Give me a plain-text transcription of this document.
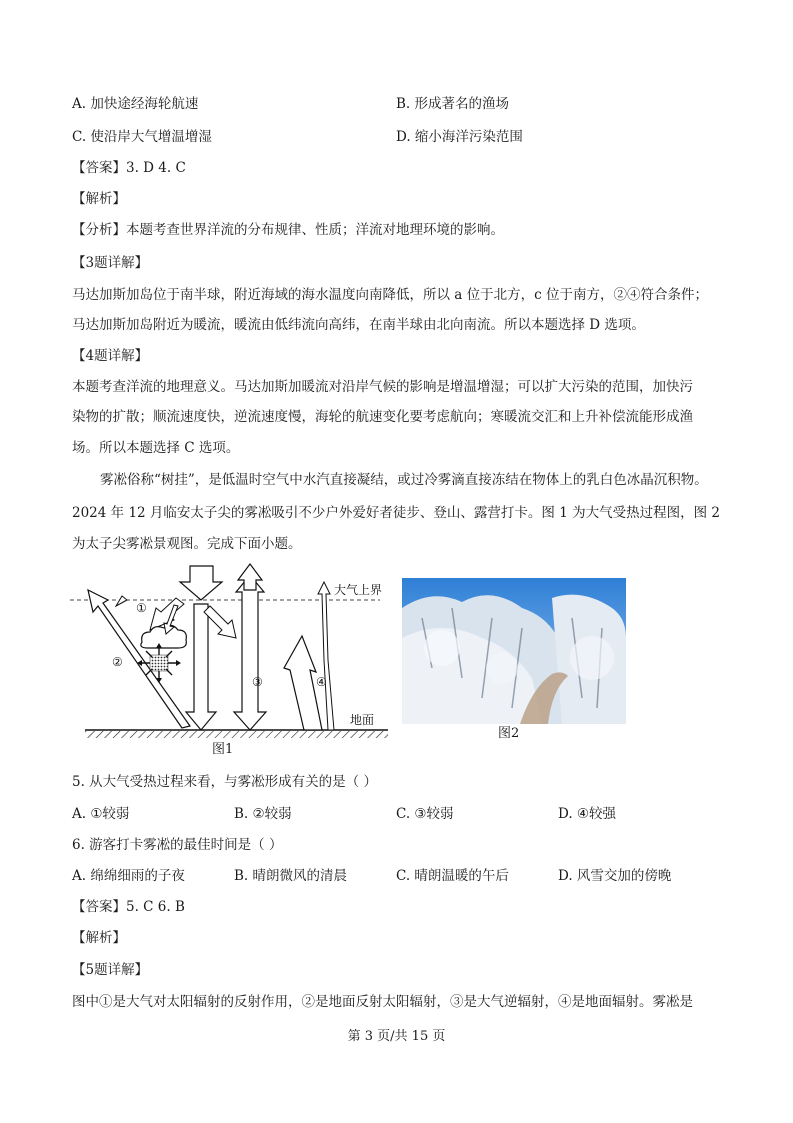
A. 加快途经海轮航速	B. 形成著名的渔场
C. 使沿岸大气增温增湿	D. 缩小海洋污染范围
【答案】3. D 4. C
【解析】
【分析】本题考查世界洋流的分布规律、性质；洋流对地理环境的影响。
【3题详解】
马达加斯加岛位于南半球，附近海域的海水温度向南降低，所以 a 位于北方，c 位于南方，②④符合条件；
马达加斯加岛附近为暖流，暖流由低纬流向高纬，在南半球由北向南流。所以本题选择 D 选项。
【4题详解】
本题考查洋流的地理意义。马达加斯加暖流对沿岸气候的影响是增温增湿；可以扩大污染的范围，加快污
染物的扩散；顺流速度快，逆流速度慢，海轮的航速变化要考虑航向；寒暖流交汇和上升补偿流能形成渔
场。所以本题选择 C 选项。
雾凇俗称“树挂”，是低温时空气中水汽直接凝结，或过冷雾滴直接冻结在物体上的乳白色冰晶沉积物。
2024 年 12 月临安太子尖的雾凇吸引不少户外爱好者徒步、登山、露营打卡。图 1 为大气受热过程图，图 2
为太子尖雾凇景观图。完成下面小题。
大气上界
地面
①
②
③	④
图1
图2
5. 从大气受热过程来看，与雾凇形成有关的是（ ）
A. ①较弱	B. ②较弱	C. ③较弱	D. ④较强
6. 游客打卡雾凇的最佳时间是（ ）
A. 绵绵细雨的子夜	B. 晴朗微风的清晨	C. 晴朗温暖的午后	D. 风雪交加的傍晚
【答案】5. C 6. B
【解析】
【5题详解】
图中①是大气对太阳辐射的反射作用，②是地面反射太阳辐射，③是大气逆辐射，④是地面辐射。雾凇是
第 3 页/共 15 页
